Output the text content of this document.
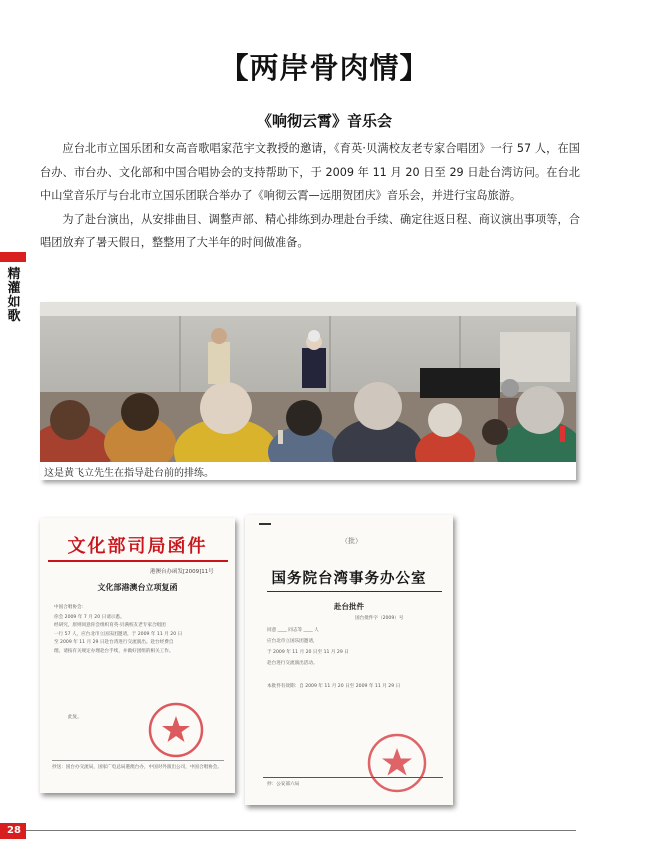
【两岸骨肉情】
《响彻云霄》音乐会

应台北市立国乐团和女高音歌唱家范宇文教授的邀请，《育英·贝满校友老专家合唱团》一行 57 人，在国台办、市台办、文化部和中国合唱协会的支持帮助下，于 2009 年 11 月 20 日至 29 日赴台湾访问。在台北中山堂音乐厅与台北市立国乐团联合举办了《响彻云霄—远朋贺团庆》音乐会，并进行宝岛旅游。

为了赴台演出，从安排曲目、调整声部、精心排练到办理赴台手续、确定往返日程、商议演出事项等，合唱团放弃了暑天假日，整整用了大半年的时间做准备。

精灌如歌
这是黄飞立先生在指导赴台前的排练。
文化部司局函件
港澳台办函发[2009]11号
文化部港澳台立项复函
中国合唱协会：
你会 2009 年 7 月 20 日请示悉。
经研究，原则同意你会组织育英·贝满校友老专家合唱团
一行 57 人，应台北市立国乐团邀请，于 2009 年 11 月 20 日
至 2009 年 11 月 29 日赴台湾进行交流演出。赴台经费自
理。请按有关规定办理赴台手续，并做好团组的相关工作。
此复。
抄送：国台办交流局，国家广电总局港澳台办，中国对外演出公司，中国合唱协会。
（批）
国务院台湾事务办公室
赴台批件
国台批件字（2009）号
同意 ____ 同志等 ____ 人
应台北市立国乐团邀请，
于 2009 年 11 月 20 日至 11 月 29 日
赴台进行交流演出活动。
本批件有效期：自 2009 年 11 月 20 日至 2009 年 11 月 29 日
抄：公安部六局
28
